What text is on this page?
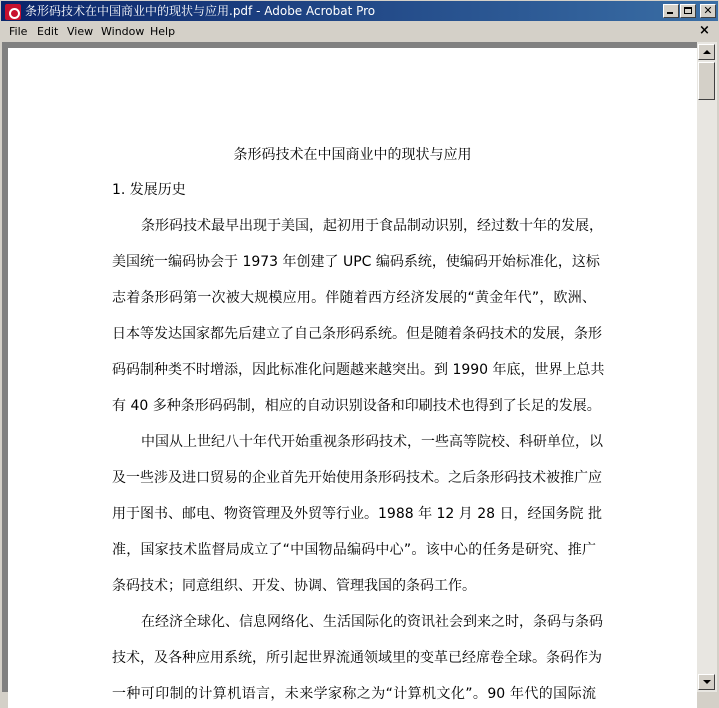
条形码技术在中国商业中的现状与应用.pdf - Adobe Acrobat Pro	✕
File Edit View Window Help	×
条形码技术在中国商业中的现状与应用
1. 发展历史
条形码技术最早出现于美国，起初用于食品制动识别，经过数十年的发展，
美国统一编码协会于 1973 年创建了 UPC 编码系统，使编码开始标准化，这标
志着条形码第一次被大规模应用。伴随着西方经济发展的“黄金年代”，欧洲、
日本等发达国家都先后建立了自己条形码系统。但是随着条码技术的发展，条形
码码制种类不时增添，因此标准化问题越来越突出。到 1990 年底，世界上总共
有 40 多种条形码码制，相应的自动识别设备和印刷技术也得到了长足的发展。
中国从上世纪八十年代开始重视条形码技术，一些高等院校、科研单位，以
及一些涉及进口贸易的企业首先开始使用条形码技术。之后条形码技术被推广应
用于图书、邮电、物资管理及外贸等行业。1988 年 12 月 28 日，经国务院 批
准，国家技术监督局成立了“中国物品编码中心”。该中心的任务是研究、推广
条码技术；同意组织、开发、协调、管理我国的条码工作。
在经济全球化、信息网络化、生活国际化的资讯社会到来之时，条码与条码
技术，及各种应用系统，所引起世界流通领域里的变革已经席卷全球。条码作为
一种可印制的计算机语言，未来学家称之为“计算机文化”。90 年代的国际流
